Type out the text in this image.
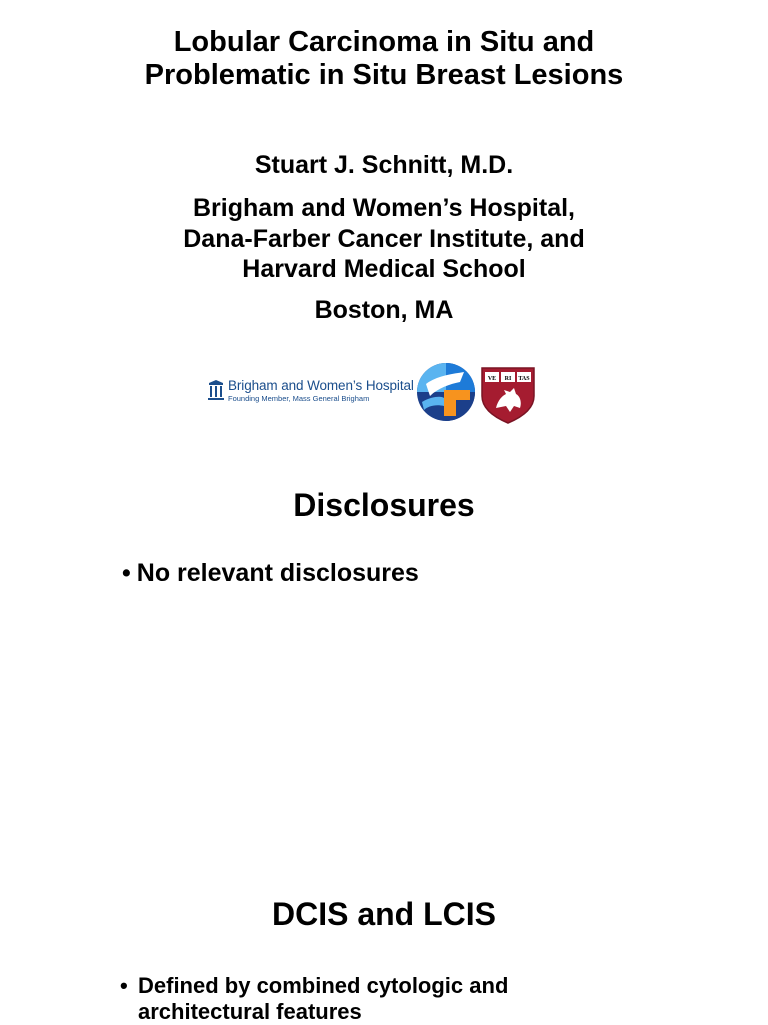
Lobular Carcinoma in Situ and
Problematic in Situ Breast Lesions
Stuart J. Schnitt, M.D.
Brigham and Women’s Hospital,
Dana-Farber Cancer Institute, and
Harvard Medical School
Boston, MA
Brigham and Women’s Hospital
Founding Member, Mass General Brigham
VE RI TAS
Disclosures
• No relevant disclosures
DCIS and LCIS
• Defined by combined cytologic and
architectural features
